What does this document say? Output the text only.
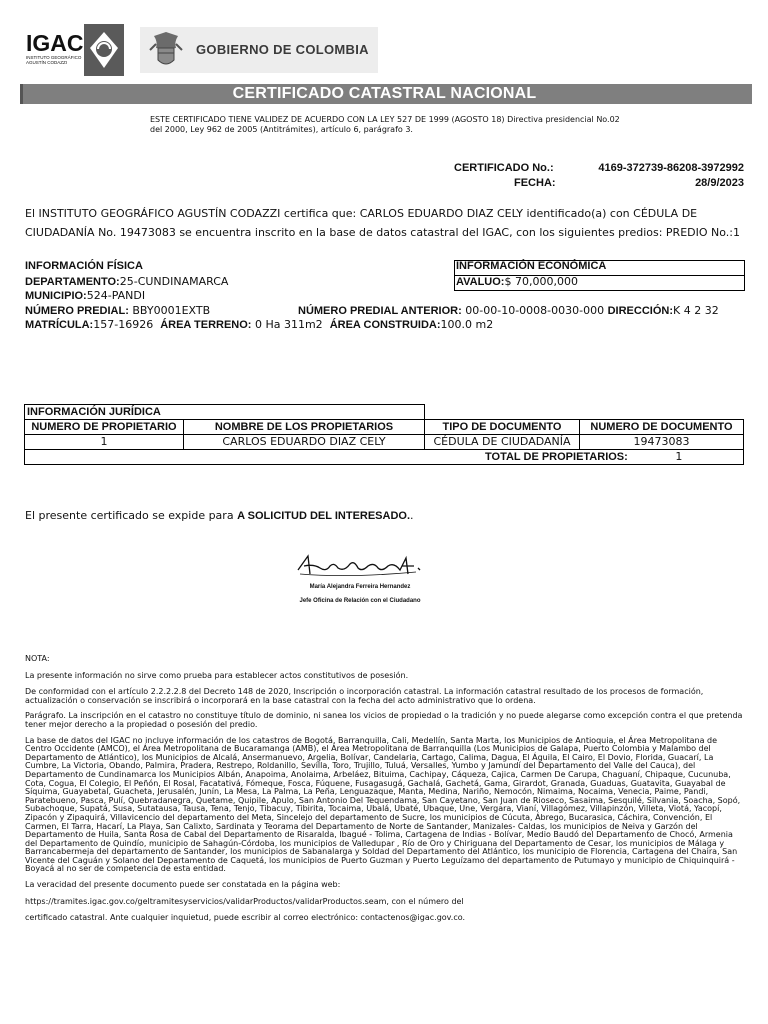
IGAC
INSTITUTO GEOGRÁFICO AGUSTÍN CODAZZI
GOBIERNO DE COLOMBIA
CERTIFICADO CATASTRAL NACIONAL
ESTE CERTIFICADO TIENE VALIDEZ DE ACUERDO CON LA LEY 527 DE 1999 (AGOSTO 18) Directiva presidencial No.02 del 2000, Ley 962 de 2005 (Antitrámites), artículo 6, parágrafo 3.
CERTIFICADO No.:	4169-372739-86208-3972992
FECHA:	28/9/2023
El INSTITUTO GEOGRÁFICO AGUSTÍN CODAZZI certifica que: CARLOS EDUARDO DIAZ CELY identificado(a) con CÉDULA DE CIUDADANÍA No. 19473083 se encuentra inscrito en la base de datos catastral del IGAC, con los siguientes predios: PREDIO No.:1
INFORMACIÓN FÍSICA	INFORMACIÓN ECONÓMICA
AVALUO:$ 70,000,000
DEPARTAMENTO:25-CUNDINAMARCA
MUNICIPIO:524-PANDI
NÚMERO PREDIAL: BBY0001EXTB	NÚMERO PREDIAL ANTERIOR: 00-00-10-0008-0030-000 DIRECCIÓN:K 4 2 32
MATRÍCULA:157-16926 ÁREA TERRENO: 0 Ha 311m2 ÁREA CONSTRUIDA:100.0 m2
INFORMACIÓN JURÍDICA			
NUMERO DE PROPIETARIO	NOMBRE DE LOS PROPIETARIOS	TIPO DE DOCUMENTO	NUMERO DE DOCUMENTO
1	CARLOS EDUARDO DIAZ CELY	CÉDULA DE CIUDADANÍA	19473083
TOTAL DE PROPIETARIOS: 1			
El presente certificado se expide para A SOLICITUD DEL INTERESADO..
María Alejandra Ferreira Hernandez
Jefe Oficina de Relación con el Ciudadano

NOTA:

La presente información no sirve como prueba para establecer actos constitutivos de posesión.

De conformidad con el artículo 2.2.2.2.8 del Decreto 148 de 2020, Inscripción o incorporación catastral. La información catastral resultado de los procesos de formación, actualización o conservación se inscribirá o incorporará en la base catastral con la fecha del acto administrativo que lo ordena.

Parágrafo. La inscripción en el catastro no constituye título de dominio, ni sanea los vicios de propiedad o la tradición y no puede alegarse como excepción contra el que pretenda tener mejor derecho a la propiedad o posesión del predio.

La base de datos del IGAC no incluye información de los catastros de Bogotá, Barranquilla, Cali, Medellín, Santa Marta, los Municipios de Antioquia, el Área Metropolitana de Centro Occidente (AMCO), el Área Metropolitana de Bucaramanga (AMB), el Área Metropolitana de Barranquilla (Los Municipios de Galapa, Puerto Colombia y Malambo del Departamento de Atlántico), los Municipios de Alcalá, Ansermanuevo, Argelia, Bolívar, Candelaria, Cartago, Calima, Dagua, El Águila, El Cairo, El Dovio, Florida, Guacarí, La Cumbre, La Victoria, Obando, Palmira, Pradera, Restrepo, Roldanillo, Sevilla, Toro, Trujillo, Tuluá, Versalles, Yumbo y Jamundí del Departamento del Valle del Cauca), del Departamento de Cundinamarca los Municipios Albán, Anapoima, Anolaima, Arbeláez, Bituima, Cachipay, Cáqueza, Cajica, Carmen De Carupa, Chaguaní, Chipaque, Cucunuba, Cota, Cogua, El Colegio, El Peñón, El Rosal, Facatativá, Fómeque, Fosca, Fúquene, Fusagasugá, Gachalá, Gachetá, Gama, Girardot, Granada, Guaduas, Guatavita, Guayabal de Síquima, Guayabetal, Guacheta, Jerusalén, Junín, La Mesa, La Palma, La Peña, Lenguazaque, Manta, Medina, Nariño, Nemocón, Nimaima, Nocaima, Venecia, Paime, Pandi, Paratebueno, Pasca, Pulí, Quebradanegra, Quetame, Quipile, Apulo, San Antonio Del Tequendama, San Cayetano, San Juan de Rioseco, Sasaima, Sesquilé, Silvania, Soacha, Sopó, Subachoque, Supatá, Susa, Sutatausa, Tausa, Tena, Tenjo, Tibacuy, Tibirita, Tocaima, Ubalá, Ubaté, Ubaque, Une, Vergara, Vianí, Villagómez, Villapinzón, Villeta, Viotá, Yacopí, Zipacón y Zipaquirá, Villavicencio del departamento del Meta, Sincelejo del departamento de Sucre, los municipios de Cúcuta, Ábrego, Bucarasica, Cáchira, Convención, El Carmen, El Tarra, Hacarí, La Playa, San Calixto, Sardinata y Teorama del Departamento de Norte de Santander, Manizales- Caldas, los municipios de Neiva y Garzón del Departamento de Huila, Santa Rosa de Cabal del Departamento de Risaralda, Ibagué - Tolima, Cartagena de Indias - Bolívar, Medio Baudó del Departamento de Chocó, Armenia del Departamento de Quindío, municipio de Sahagún-Córdoba, los municipios de Valledupar , Río de Oro y Chiriguana del Departamento de Cesar, los municipios de Málaga y Barrancabermeja del departamento de Santander, los municipios de Sabanalarga y Soldad del Departamento del Atlántico, los municipio de Florencia, Cartagena del Chaira, San Vicente del Caguán y Solano del Departamento de Caquetá, los municipios de Puerto Guzman y Puerto Leguízamo del departamento de Putumayo y municipio de Chiquinquirá - Boyacá al no ser de competencia de esta entidad.

La veracidad del presente documento puede ser constatada en la página web:

https://tramites.igac.gov.co/geltramitesyservicios/validarProductos/validarProductos.seam, con el número del

certificado catastral. Ante cualquier inquietud, puede escribir al correo electrónico: contactenos@igac.gov.co.
